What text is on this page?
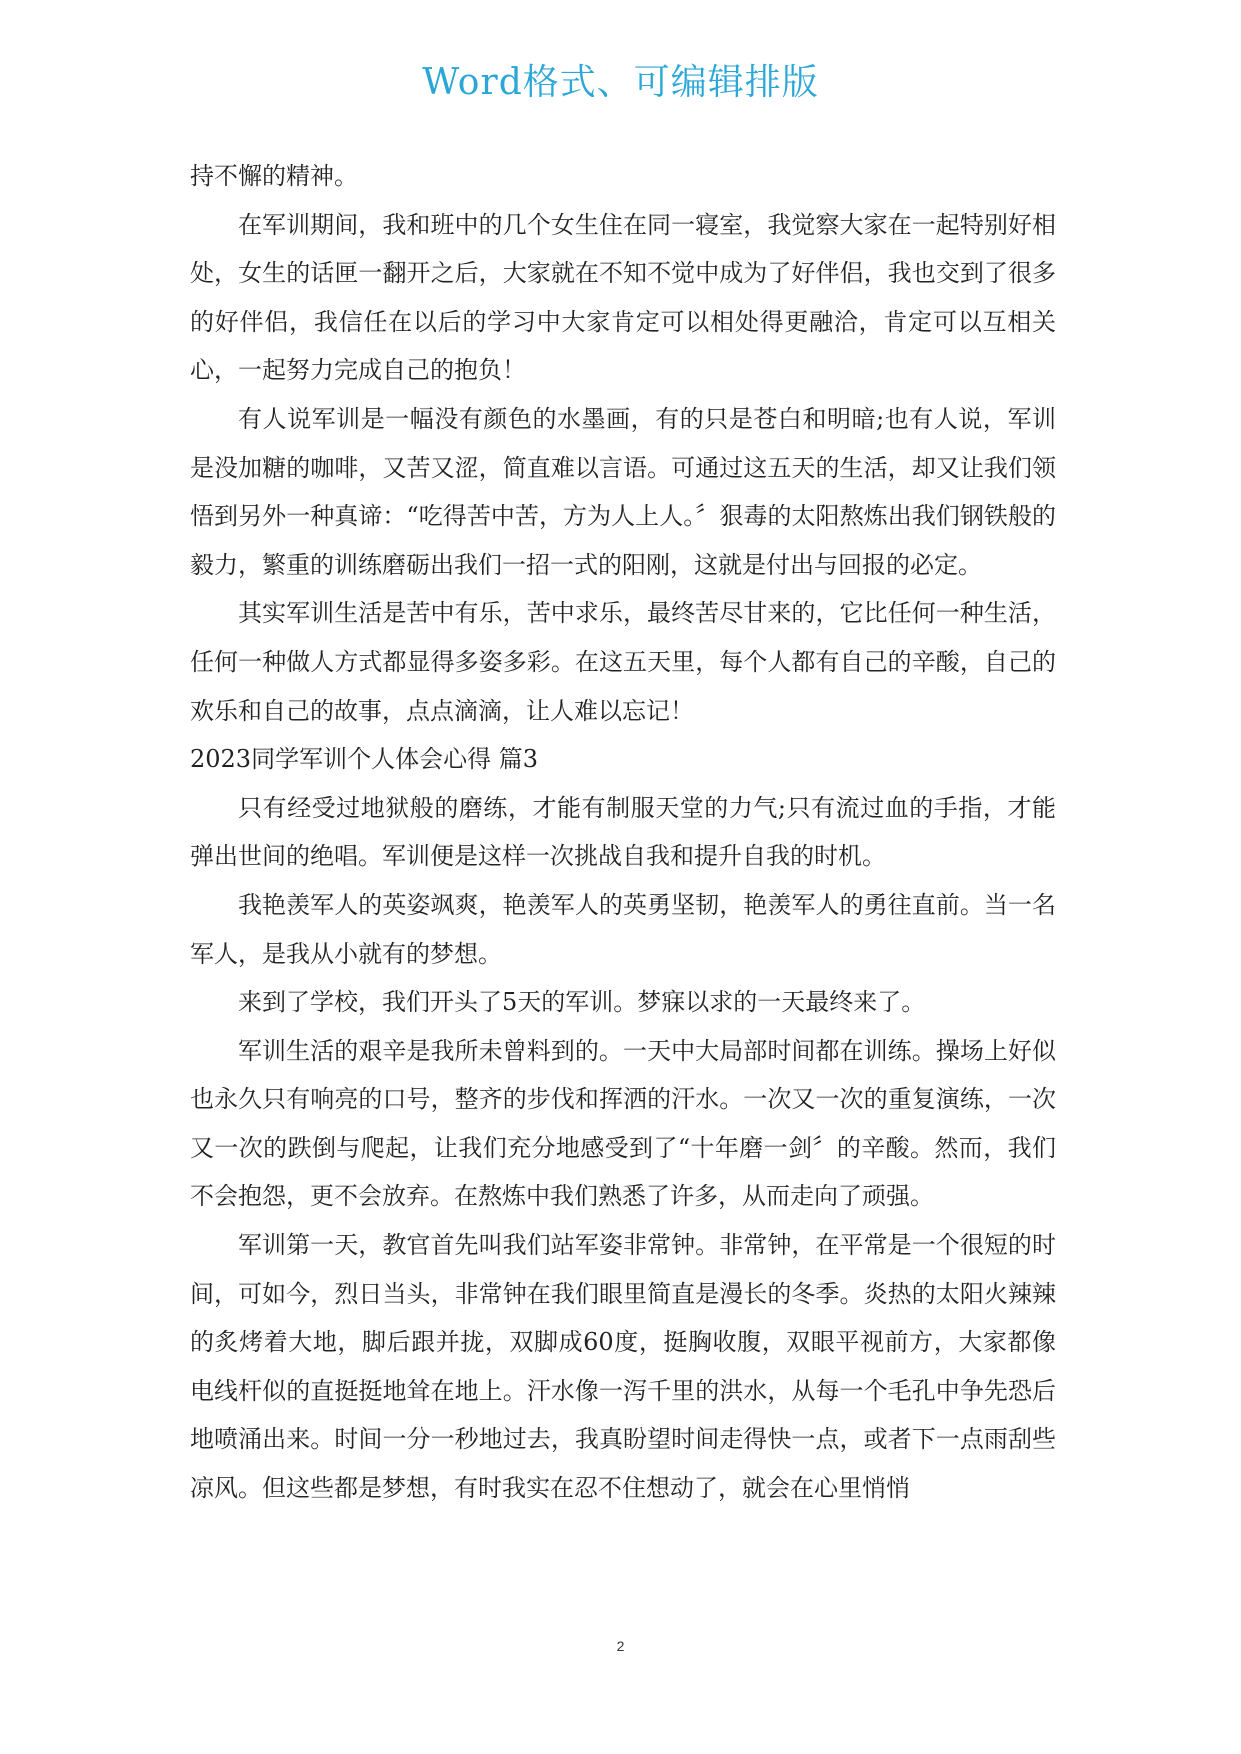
Word格式、可编辑排版

持不懈的精神。

在军训期间，我和班中的几个女生住在同一寝室，我觉察大家在一起特别好相处，女生的话匣一翻开之后，大家就在不知不觉中成为了好伴侣，我也交到了很多的好伴侣，我信任在以后的学习中大家肯定可以相处得更融洽，肯定可以互相关心，一起努力完成自己的抱负！

有人说军训是一幅没有颜色的水墨画，有的只是苍白和明暗;也有人说，军训是没加糖的咖啡，又苦又涩，简直难以言语。可通过这五天的生活，却又让我们领悟到另外一种真谛：“吃得苦中苦，方为人上人。〞狠毒的太阳熬炼出我们钢铁般的毅力，繁重的训练磨砺出我们一招一式的阳刚，这就是付出与回报的必定。

其实军训生活是苦中有乐，苦中求乐，最终苦尽甘来的，它比任何一种生活，任何一种做人方式都显得多姿多彩。在这五天里，每个人都有自己的辛酸，自己的欢乐和自己的故事，点点滴滴，让人难以忘记！

2023同学军训个人体会心得 篇3

只有经受过地狱般的磨练，才能有制服天堂的力气;只有流过血的手指，才能弹出世间的绝唱。军训便是这样一次挑战自我和提升自我的时机。

我艳羡军人的英姿飒爽，艳羡军人的英勇坚韧，艳羡军人的勇往直前。当一名军人，是我从小就有的梦想。

来到了学校，我们开头了5天的军训。梦寐以求的一天最终来了。

军训生活的艰辛是我所未曾料到的。一天中大局部时间都在训练。操场上好似也永久只有响亮的口号，整齐的步伐和挥洒的汗水。一次又一次的重复演练，一次又一次的跌倒与爬起，让我们充分地感受到了“十年磨一剑〞的辛酸。然而，我们不会抱怨，更不会放弃。在熬炼中我们熟悉了许多，从而走向了顽强。

军训第一天，教官首先叫我们站军姿非常钟。非常钟，在平常是一个很短的时间，可如今，烈日当头，非常钟在我们眼里简直是漫长的冬季。炎热的太阳火辣辣的炙烤着大地，脚后跟并拢，双脚成60度，挺胸收腹，双眼平视前方，大家都像电线杆似的直挺挺地耸在地上。汗水像一泻千里的洪水，从每一个毛孔中争先恐后地喷涌出来。时间一分一秒地过去，我真盼望时间走得快一点，或者下一点雨刮些凉风。但这些都是梦想，有时我实在忍不住想动了，就会在心里悄悄

2
